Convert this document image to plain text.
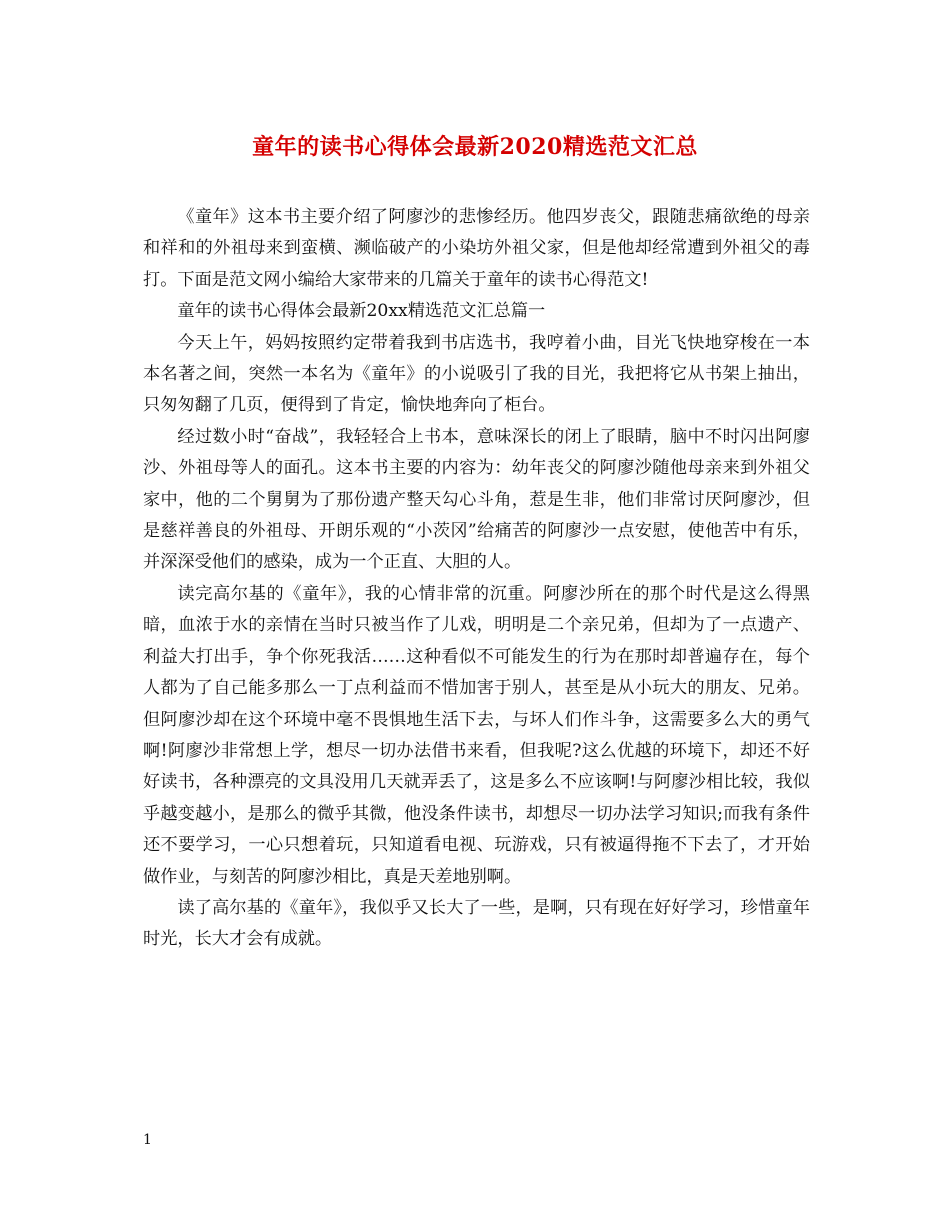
童年的读书心得体会最新2020精选范文汇总

《童年》这本书主要介绍了阿廖沙的悲惨经历。他四岁丧父，跟随悲痛欲绝的母亲和祥和的外祖母来到蛮横、濒临破产的小染坊外祖父家，但是他却经常遭到外祖父的毒打。下面是范文网小编给大家带来的几篇关于童年的读书心得范文!

童年的读书心得体会最新20xx精选范文汇总篇一

今天上午，妈妈按照约定带着我到书店选书，我哼着小曲，目光飞快地穿梭在一本本名著之间，突然一本名为《童年》的小说吸引了我的目光，我把将它从书架上抽出，只匆匆翻了几页，便得到了肯定，愉快地奔向了柜台。

经过数小时“奋战”，我轻轻合上书本，意味深长的闭上了眼睛，脑中不时闪出阿廖沙、外祖母等人的面孔。这本书主要的内容为：幼年丧父的阿廖沙随他母亲来到外祖父家中，他的二个舅舅为了那份遗产整天勾心斗角，惹是生非，他们非常讨厌阿廖沙，但是慈祥善良的外祖母、开朗乐观的“小茨冈”给痛苦的阿廖沙一点安慰，使他苦中有乐，并深深受他们的感染，成为一个正直、大胆的人。

读完高尔基的《童年》，我的心情非常的沉重。阿廖沙所在的那个时代是这么得黑暗，血浓于水的亲情在当时只被当作了儿戏，明明是二个亲兄弟，但却为了一点遗产、利益大打出手，争个你死我活……这种看似不可能发生的行为在那时却普遍存在，每个人都为了自己能多那么一丁点利益而不惜加害于别人，甚至是从小玩大的朋友、兄弟。但阿廖沙却在这个环境中毫不畏惧地生活下去，与坏人们作斗争，这需要多么大的勇气啊!阿廖沙非常想上学，想尽一切办法借书来看，但我呢?这么优越的环境下，却还不好好读书，各种漂亮的文具没用几天就弄丢了，这是多么不应该啊!与阿廖沙相比较，我似乎越变越小，是那么的微乎其微，他没条件读书，却想尽一切办法学习知识;而我有条件还不要学习，一心只想着玩，只知道看电视、玩游戏，只有被逼得拖不下去了，才开始做作业，与刻苦的阿廖沙相比，真是天差地别啊。

读了高尔基的《童年》，我似乎又长大了一些，是啊，只有现在好好学习，珍惜童年时光，长大才会有成就。

1
